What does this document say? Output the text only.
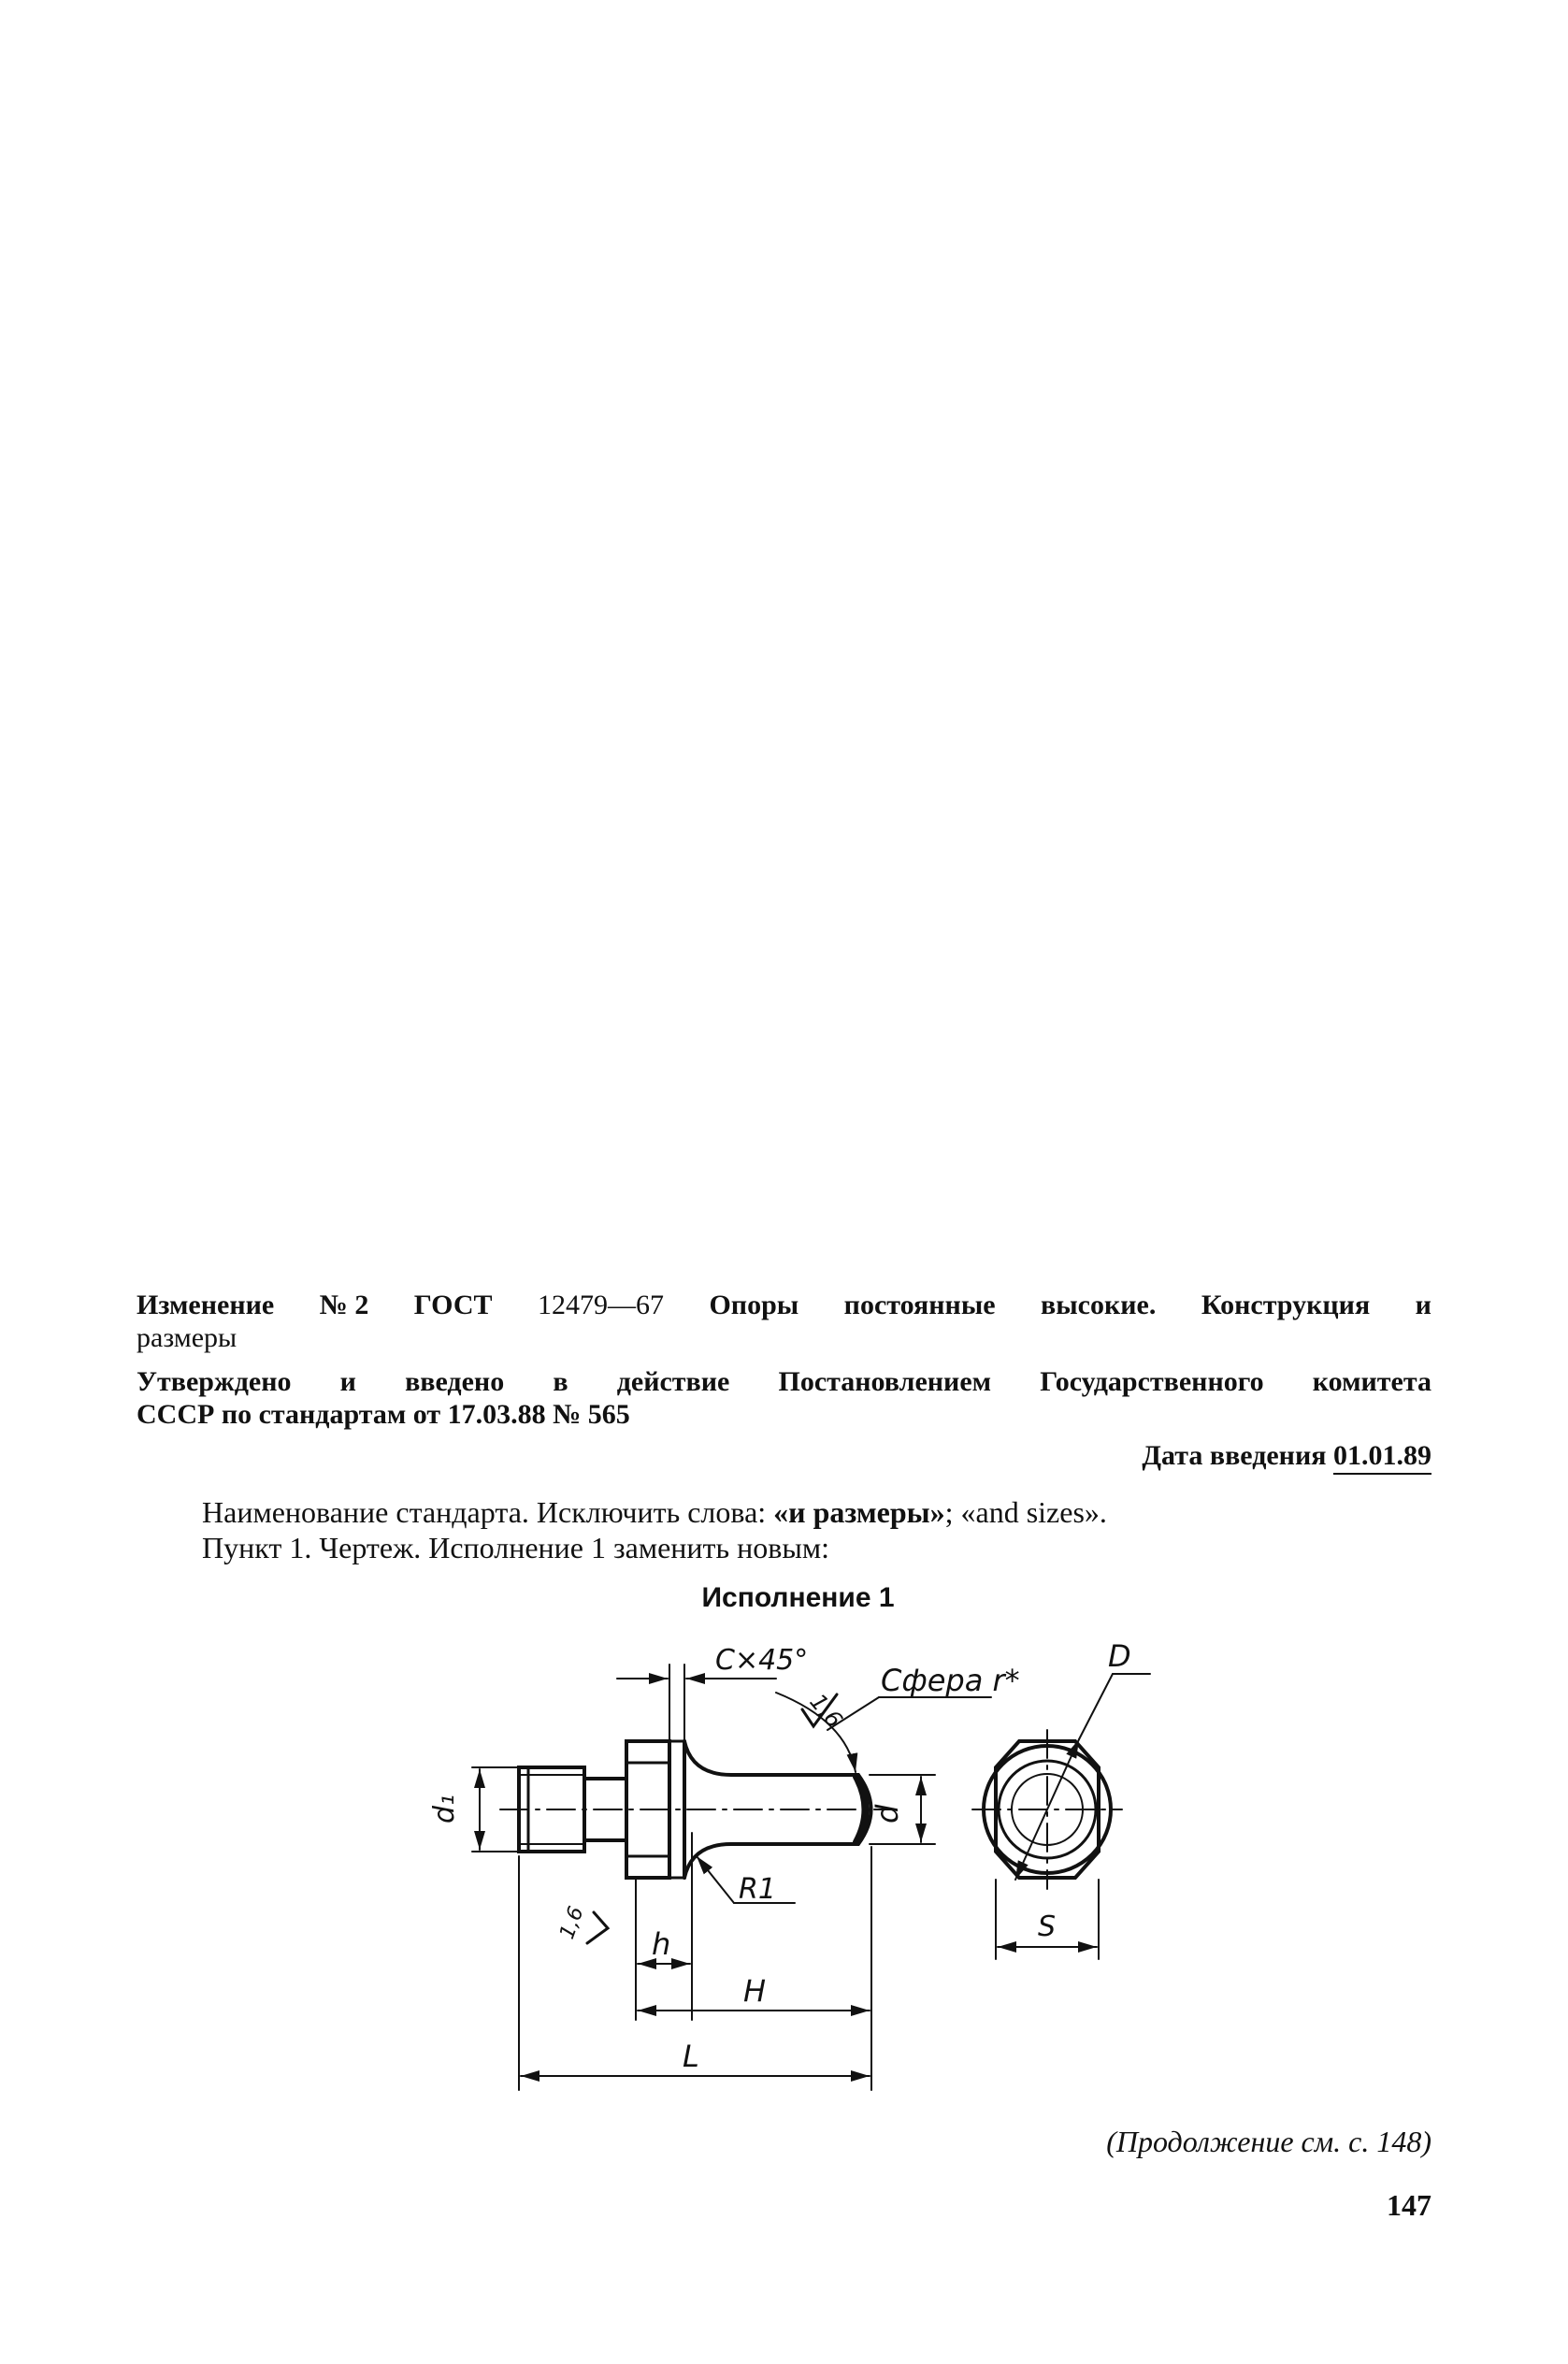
Изменение № 2 ГОСТ 12479—67 Опоры постоянные высокие. Конструкция и
размеры
Утверждено и введено в действие Постановлением Государственного комитета
СССР по стандартам от 17.03.88 № 565
Дата введения 01.01.89
Наименование стандарта. Исключить слова: «и размеры»; «and sizes».
Пункт 1. Чертеж. Исполнение 1 заменить новым:
Исполнение 1
C×45°
1,6
Сфера r*
D
d₁	d
R1
1,6
h
H
L
S
(Продолжение см. с. 148)
147
